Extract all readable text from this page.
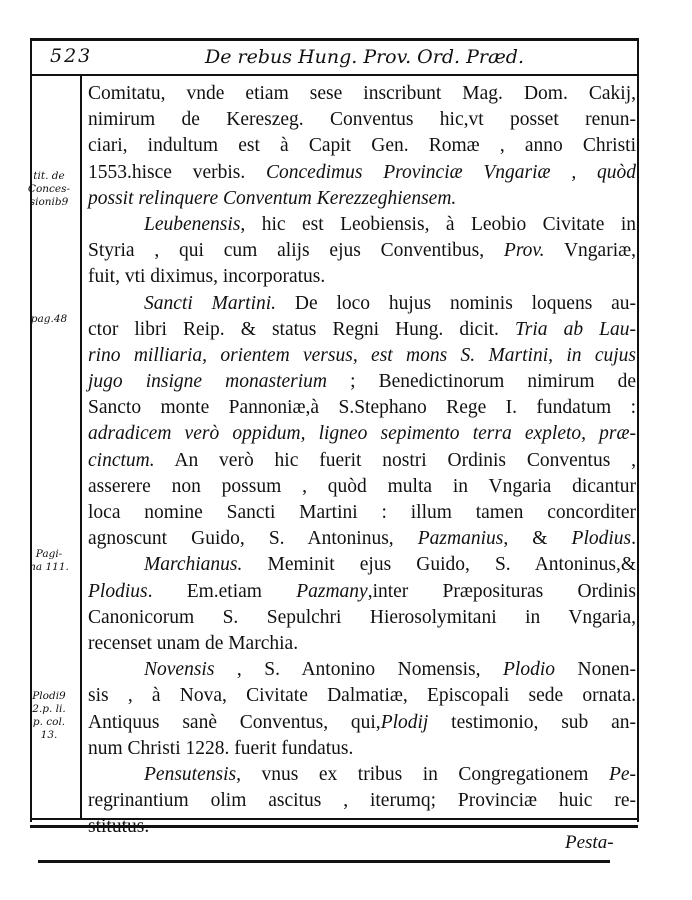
523	De rebus Hung. Prov. Ord. Præd.
tit. de
Conces-
sionib9
pag.48
Pagi-
na 111.
Plodi9
2.p. li.
p. col.
13.
Comitatu, vnde etiam sese inscribunt Mag. Dom. Cakij,
nimirum de Kereszeg. Conventus hic,vt posset renun-
ciari, indultum est à Capit Gen. Romæ , anno Christi
1553.hisce verbis. Concedimus Provinciæ Vngariæ , quòd
possit relinquere Conventum Kerezzeghiensem.
Leubenensis, hic est Leobiensis, à Leobio Civitate in
Styria , qui cum alijs ejus Conventibus, Prov. Vngariæ,
fuit, vti diximus, incorporatus.
Sancti Martini. De loco hujus nominis loquens au-
ctor libri Reip. & status Regni Hung. dicit. Tria ab Lau-
rino milliaria, orientem versus, est mons S. Martini, in cujus
jugo insigne monasterium ; Benedictinorum nimirum de
Sancto monte Pannoniæ,à S.Stephano Rege I. fundatum :
adradicem verò oppidum, ligneo sepimento terra expleto, præ-
cinctum. An verò hic fuerit nostri Ordinis Conventus ,
asserere non possum , quòd multa in Vngaria dicantur
loca nomine Sancti Martini : illum tamen concorditer
agnoscunt Guido, S. Antoninus, Pazmanius, & Plodius.
Marchianus. Meminit ejus Guido, S. Antoninus,&
Plodius. Em.etiam Pazmany,inter Præposituras Ordinis
Canonicorum S. Sepulchri Hierosolymitani in Vngaria,
recenset unam de Marchia.
Novensis , S. Antonino Nomensis, Plodio Nonen-
sis , à Nova, Civitate Dalmatiæ, Episcopali sede ornata.
Antiquus sanè Conventus, qui,Plodij testimonio, sub an-
num Christi 1228. fuerit fundatus.
Pensutensis, vnus ex tribus in Congregationem Pe-
regrinantium olim ascitus , iterumq; Provinciæ huic re-
stitutus.
Pesta-
